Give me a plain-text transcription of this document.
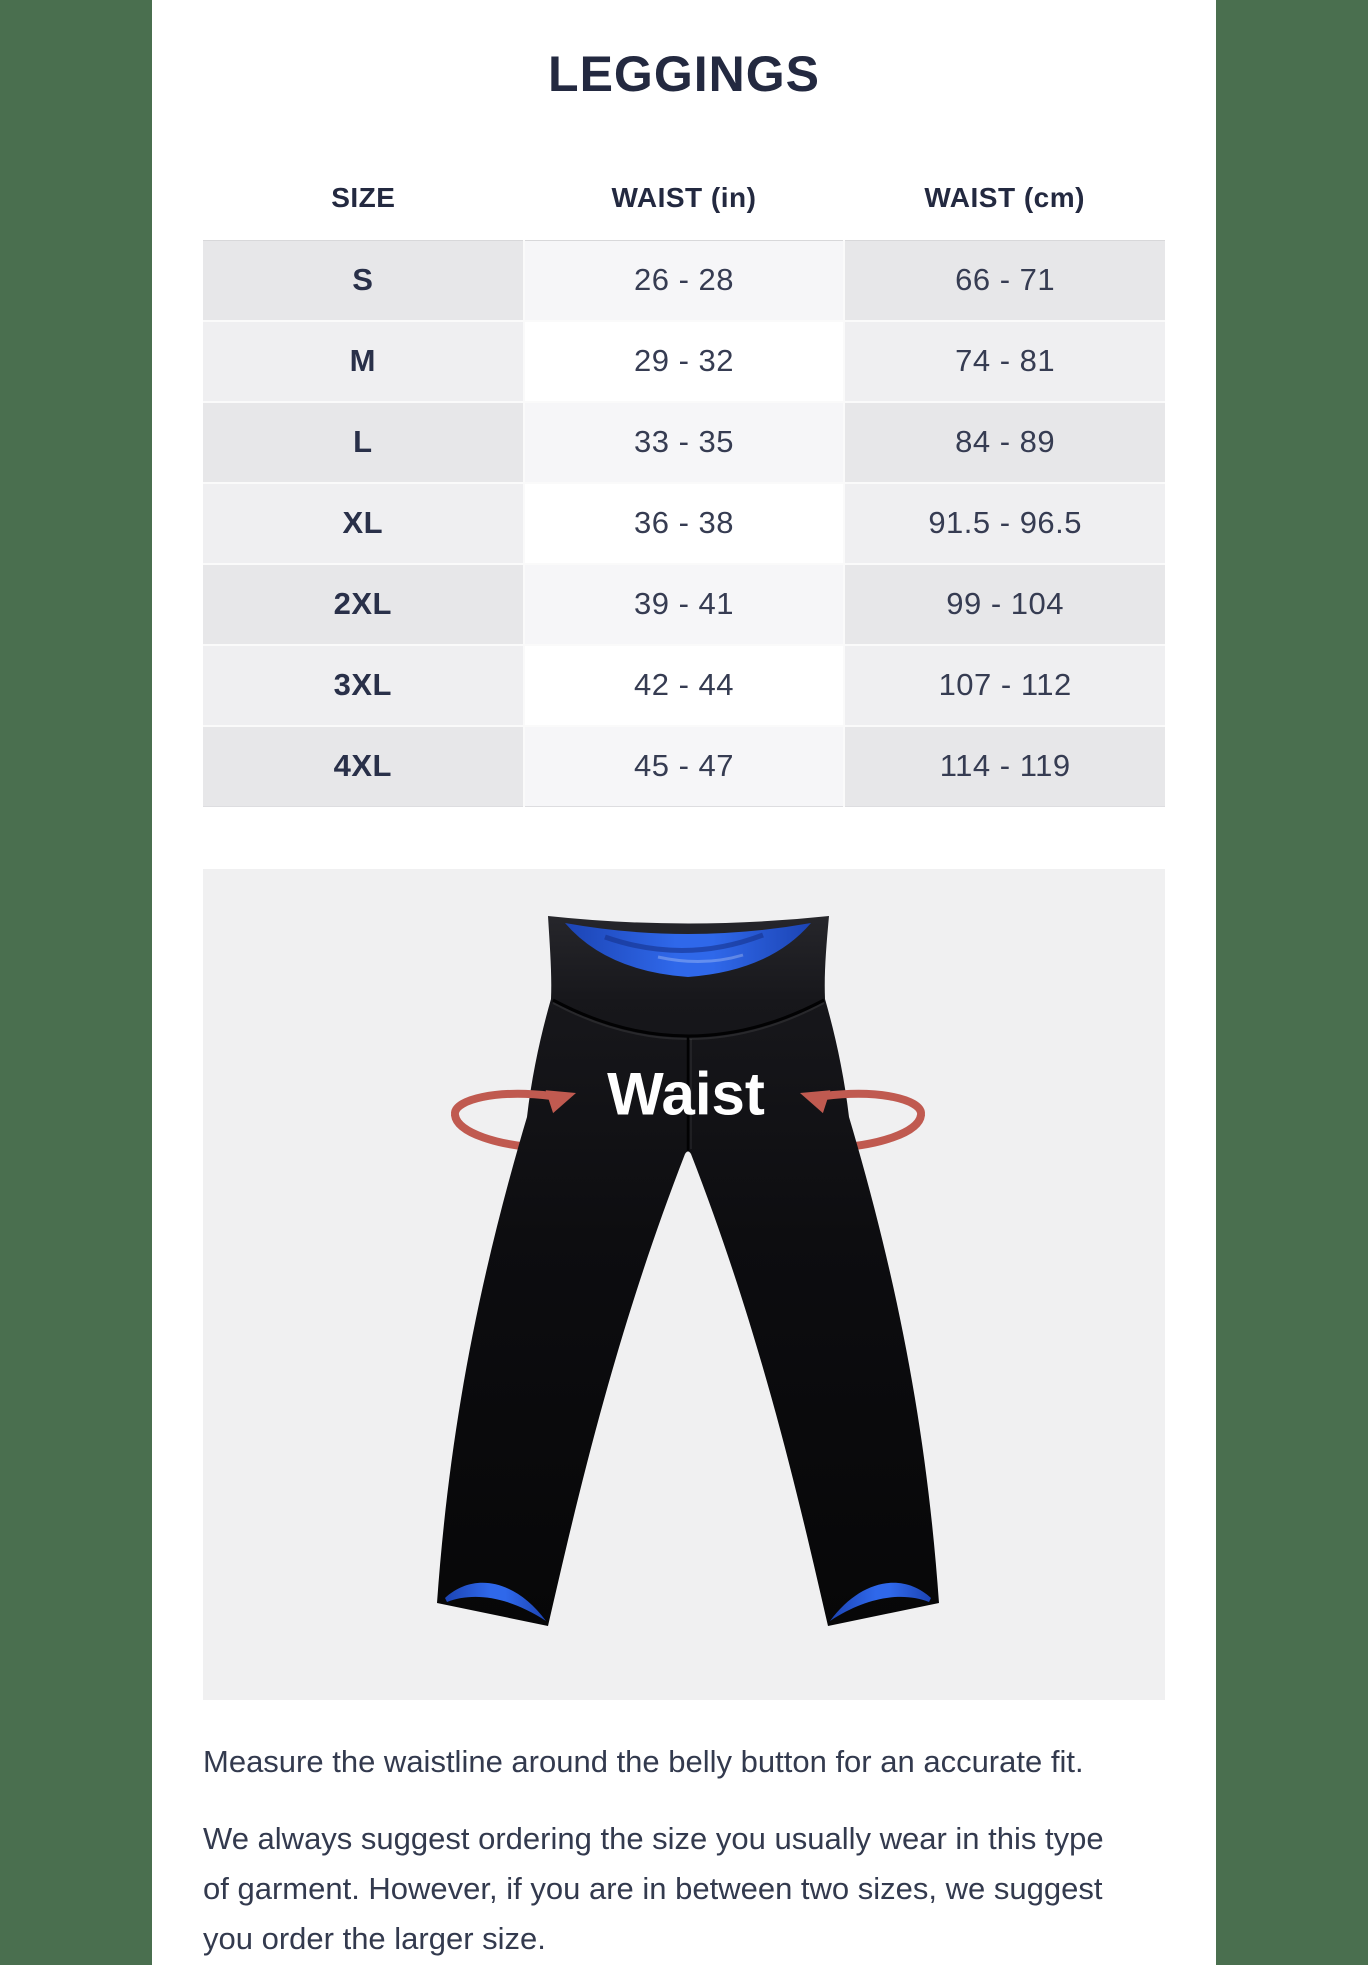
LEGGINGS
SIZE	WAIST (in)	WAIST (cm)
S	26 - 28	66 - 71
M	29 - 32	74 - 81
L	33 - 35	84 - 89
XL	36 - 38	91.5 - 96.5
2XL	39 - 41	99 - 104
3XL	42 - 44	107 - 112
4XL	45 - 47	114 - 119
Waist

Measure the waistline around the belly button for an accurate fit.

We always suggest ordering the size you usually wear in this type
of garment. However, if you are in between two sizes, we suggest
you order the larger size.
